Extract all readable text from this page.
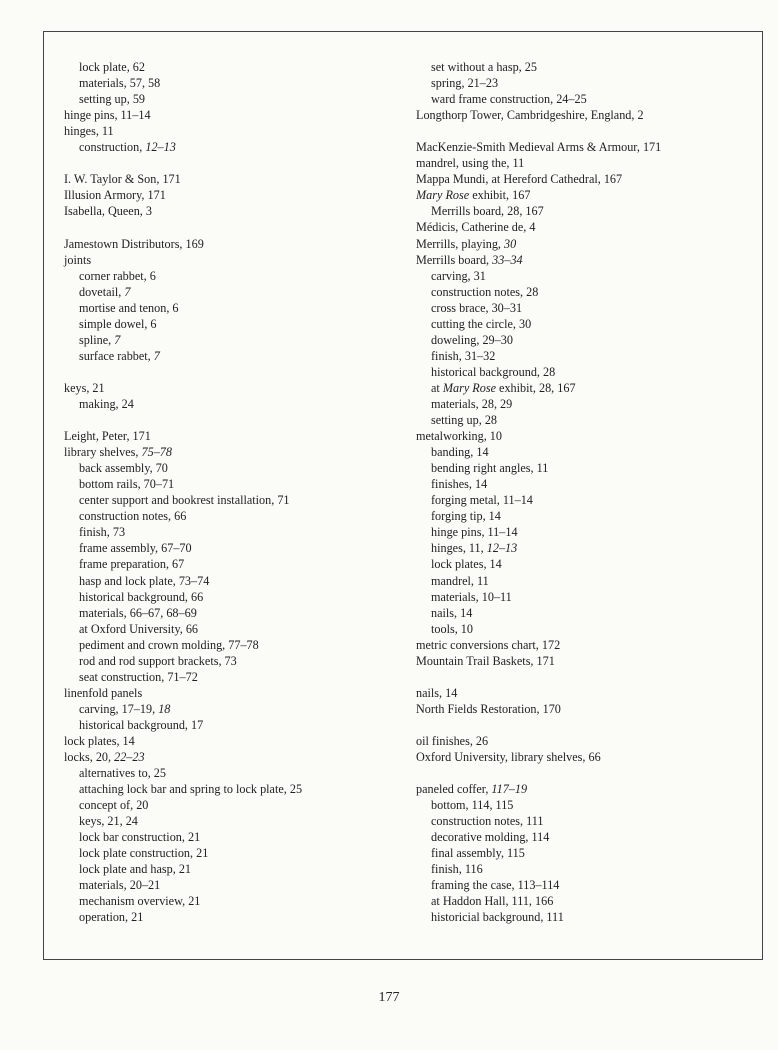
lock plate, 62
materials, 57, 58
setting up, 59
hinge pins, 11–14
hinges, 11
construction, 12–13
I. W. Taylor & Son, 171
Illusion Armory, 171
Isabella, Queen, 3
Jamestown Distributors, 169
joints
corner rabbet, 6
dovetail, 7
mortise and tenon, 6
simple dowel, 6
spline, 7
surface rabbet, 7
keys, 21
making, 24
Leight, Peter, 171
library shelves, 75–78
back assembly, 70
bottom rails, 70–71
center support and bookrest installation, 71
construction notes, 66
finish, 73
frame assembly, 67–70
frame preparation, 67
hasp and lock plate, 73–74
historical background, 66
materials, 66–67, 68–69
at Oxford University, 66
pediment and crown molding, 77–78
rod and rod support brackets, 73
seat construction, 71–72
linenfold panels
carving, 17–19, 18
historical background, 17
lock plates, 14
locks, 20, 22–23
alternatives to, 25
attaching lock bar and spring to lock plate, 25
concept of, 20
keys, 21, 24
lock bar construction, 21
lock plate construction, 21
lock plate and hasp, 21
materials, 20–21
mechanism overview, 21
operation, 21
set without a hasp, 25
spring, 21–23
ward frame construction, 24–25
Longthorp Tower, Cambridgeshire, England, 2
MacKenzie-Smith Medieval Arms & Armour, 171
mandrel, using the, 11
Mappa Mundi, at Hereford Cathedral, 167
Mary Rose exhibit, 167
Merrills board, 28, 167
Médicis, Catherine de, 4
Merrills, playing, 30
Merrills board, 33–34
carving, 31
construction notes, 28
cross brace, 30–31
cutting the circle, 30
doweling, 29–30
finish, 31–32
historical background, 28
at Mary Rose exhibit, 28, 167
materials, 28, 29
setting up, 28
metalworking, 10
banding, 14
bending right angles, 11
finishes, 14
forging metal, 11–14
forging tip, 14
hinge pins, 11–14
hinges, 11, 12–13
lock plates, 14
mandrel, 11
materials, 10–11
nails, 14
tools, 10
metric conversions chart, 172
Mountain Trail Baskets, 171
nails, 14
North Fields Restoration, 170
oil finishes, 26
Oxford University, library shelves, 66
paneled coffer, 117–19
bottom, 114, 115
construction notes, 111
decorative molding, 114
final assembly, 115
finish, 116
framing the case, 113–114
at Haddon Hall, 111, 166
historicial background, 111
177
